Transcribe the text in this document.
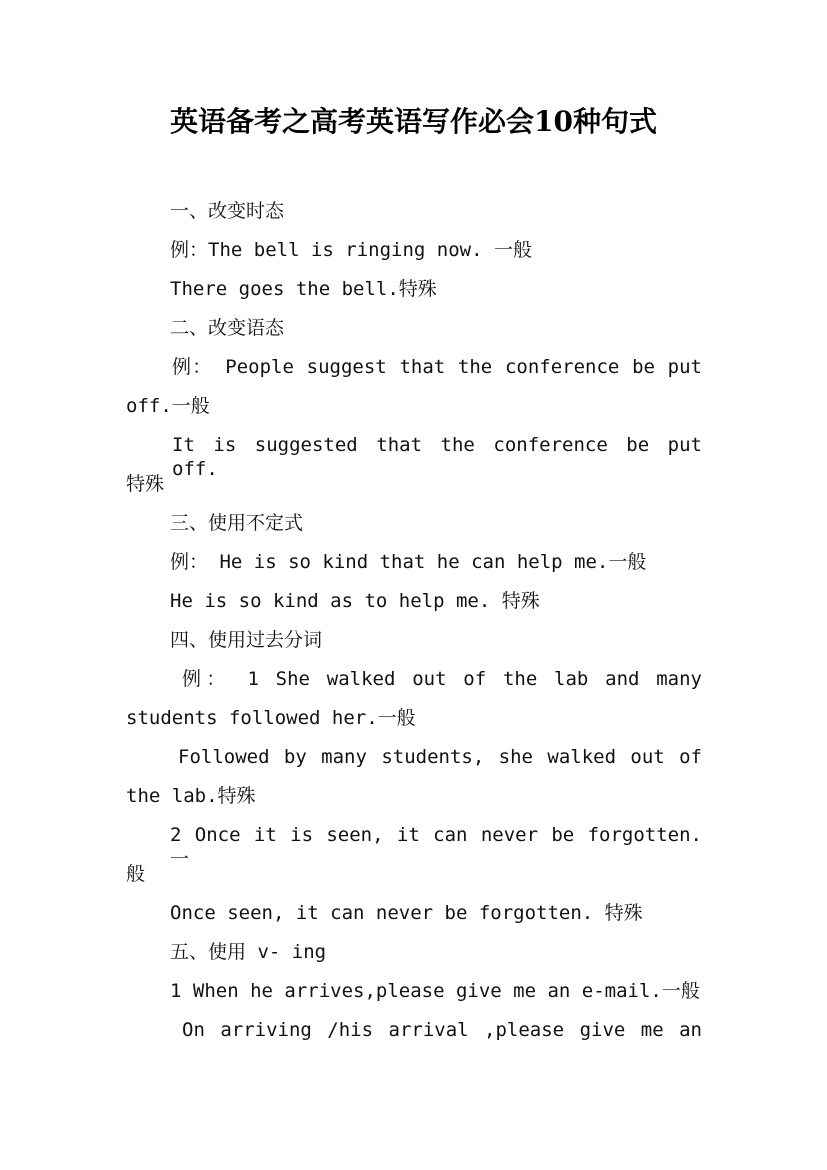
英语备考之高考英语写作必会10种句式
一、改变时态
例：The bell is ringing now. 一般
There goes the bell.特殊
二、改变语态
例： People suggest that the conference be put
off.一般
It is suggested that the conference be put off.
特殊
三、使用不定式
例： He is so kind that he can help me.一般
He is so kind as to help me. 特殊
四、使用过去分词
例： 1 She walked out of the lab and many
students followed her.一般
Followed by many students, she walked out of
the lab.特殊
2 Once it is seen, it can never be forgotten.一
般
Once seen, it can never be forgotten. 特殊
五、使用 v- ing
1 When he arrives,please give me an e-mail.一般
On arriving /his arrival ,please give me an
